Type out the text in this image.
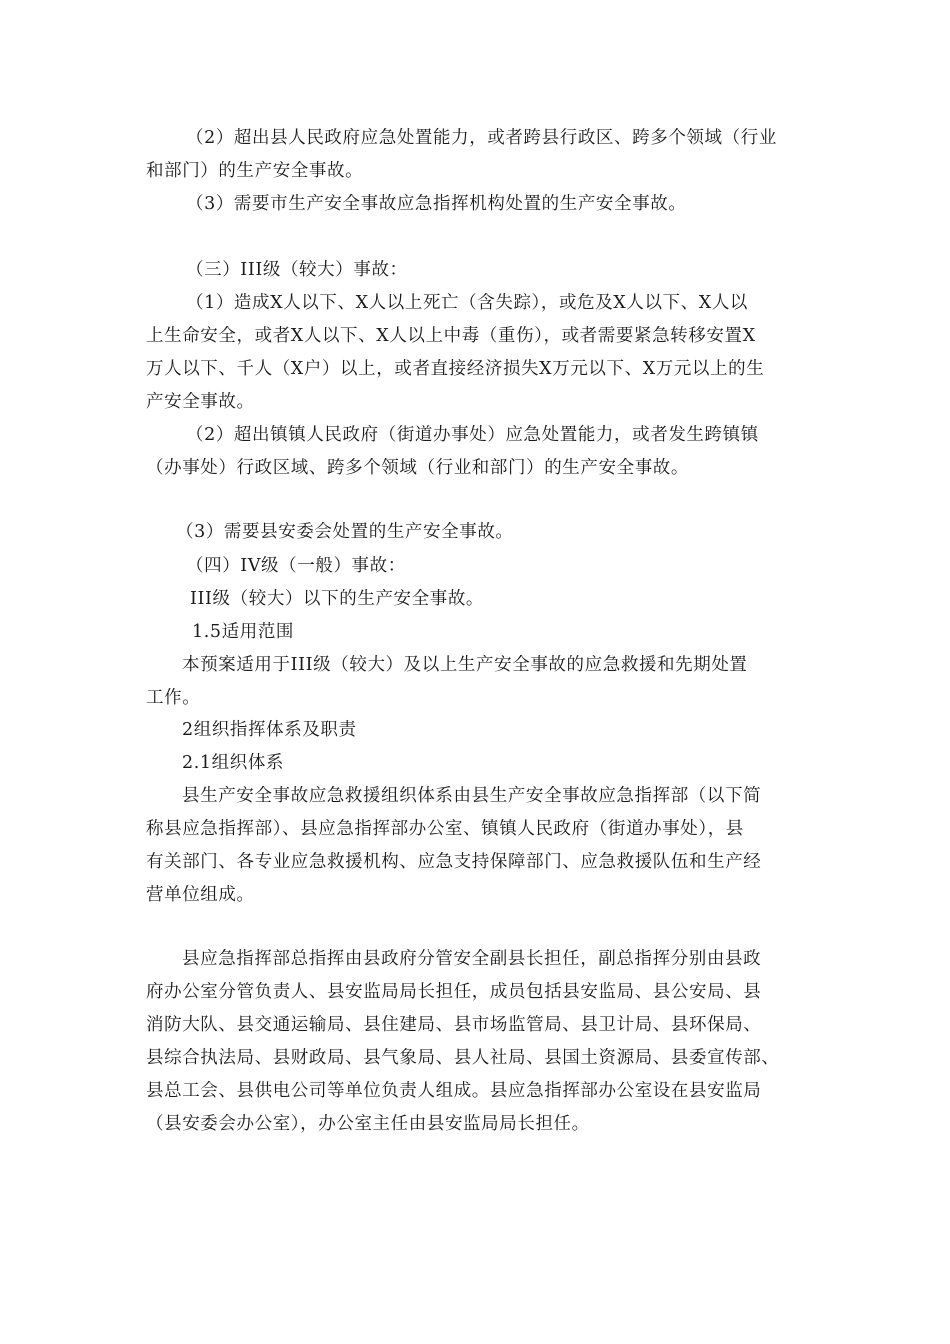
（2）超出县人民政府应急处置能力，或者跨县行政区、跨多个领域（行业
和部门）的生产安全事故。
（3）需要市生产安全事故应急指挥机构处置的生产安全事故。
（三）III级（较大）事故：
（1）造成X人以下、X人以上死亡（含失踪），或危及X人以下、X人以
上生命安全，或者X人以下、X人以上中毒（重伤），或者需要紧急转移安置X
万人以下、千人（X户）以上，或者直接经济损失X万元以下、X万元以上的生
产安全事故。
（2）超出镇镇人民政府（街道办事处）应急处置能力，或者发生跨镇镇
（办事处）行政区域、跨多个领域（行业和部门）的生产安全事故。
（3）需要县安委会处置的生产安全事故。
（四）IV级（一般）事故：
III级（较大）以下的生产安全事故。
1.5适用范围
本预案适用于III级（较大）及以上生产安全事故的应急救援和先期处置
工作。
2组织指挥体系及职责
2.1组织体系
县生产安全事故应急救援组织体系由县生产安全事故应急指挥部（以下简
称县应急指挥部）、县应急指挥部办公室、镇镇人民政府（街道办事处），县
有关部门、各专业应急救援机构、应急支持保障部门、应急救援队伍和生产经
营单位组成。
县应急指挥部总指挥由县政府分管安全副县长担任，副总指挥分别由县政
府办公室分管负责人、县安监局局长担任，成员包括县安监局、县公安局、县
消防大队、县交通运输局、县住建局、县市场监管局、县卫计局、县环保局、
县综合执法局、县财政局、县气象局、县人社局、县国土资源局、县委宣传部、
县总工会、县供电公司等单位负责人组成。县应急指挥部办公室设在县安监局
（县安委会办公室），办公室主任由县安监局局长担任。
